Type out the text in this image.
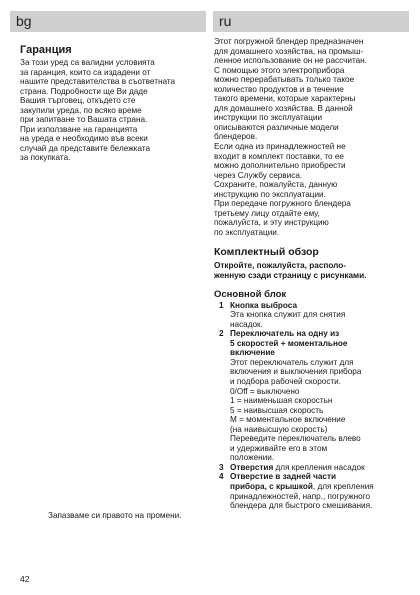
bg	ru
Гаранция
За този уред са валидни условията
за гаранция, които са издадени от
нашите представителства в съответната
страна. Подробности ще Ви даде
Вашия търговец, откъдето сте
закупили уреда, по всяко време
при запитване то Вашата страна.
При използване на гаранцията
на уреда е необходимо във всеки
случай да представите бележката
за покупката.
Запазваме си правото на промени.
Этот погружной блендер предназначен
для домашнего хозяйства, на промыш-
ленное использование он не рассчитан.
С помощью этого электроприбора
можно перерабатывать только такое
количество продуктов и в течение
такого времени, которые характерны
для домашнего хозяйства. В данной
инструкции по эксплуатации
описываются различные модели
блендеров.
Если одна из принадлежностей не
входит в комплект поставки, то ее
можно дополнительно приобрести
через Службу сервиса.
Сохраните, пожалуйста, данную
инструкцию по эксплуатации.
При передаче погружного блендера
третьему лицу отдайте ему,
пожалуйста, и эту инструкцию
по эксплуатации.
Комплектный обзор
Откройте, пожалуйста, располо-
женную сзади страницу с рисунками.
Основной блок
1 Кнопка выброса
Эта кнопка служит для снятия
насадок.
2 Переключатель на одну из
5 скоростей + моментальное
включение
Этот переключатель служит для
включения и выключения прибора
и подбора рабочей скорости.
0/Off = выключено
1 = наименьшая скоростьн
5 = наивысшая скорость
M = моментальное включение
(на наивысшую скорость)
Переведите переключатель влево
и удерживайте его в этом
положении.
3 Отверстия для крепления насадок
4 Отверстие в задней части
прибора, с крышкой, для крепления
принадлежностей, напр., погружного
блендера для быстрого смешивания.
42
